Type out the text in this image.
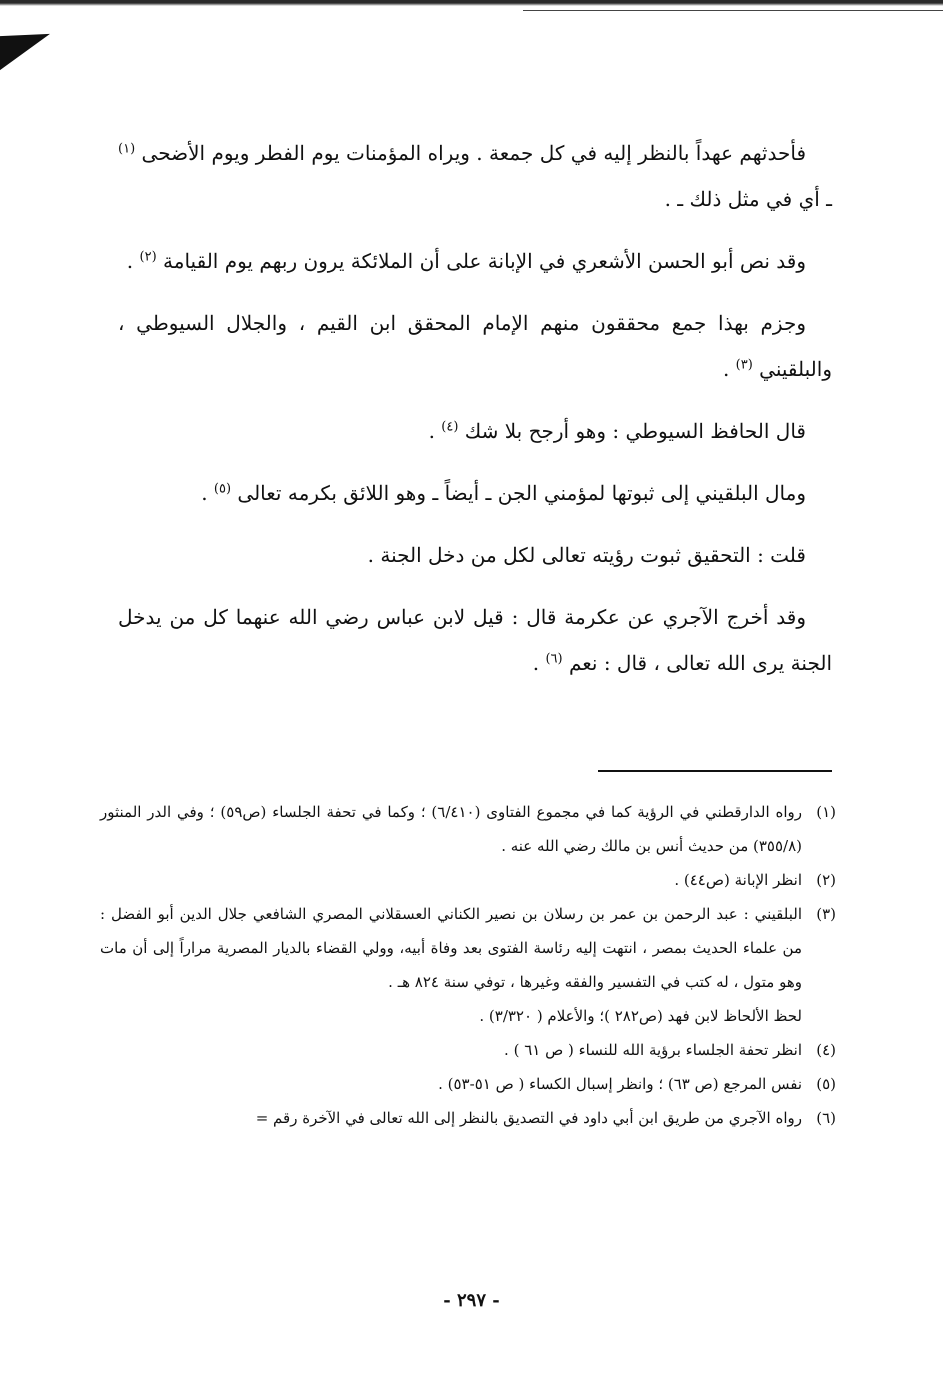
فأحدثهم عهداً بالنظر إليه في كل جمعة . ويراه المؤمنات يوم الفطر ويوم الأضحى $^{(١)}$ ـ أي في مثل ذلك ـ .

وقد نص أبو الحسن الأشعري في الإبانة على أن الملائكة يرون ربهم يوم القيامة $^{(٢)}$ .

وجزم بهذا جمع محققون منهم الإمام المحقق ابن القيم ، والجلال السيوطي ، والبلقيني $^{(٣)}$ .

قال الحافظ السيوطي : وهو أرجح بلا شك $^{(٤)}$ .

ومال البلقيني إلى ثبوتها لمؤمني الجن ـ أيضاً ـ وهو اللائق بكرمه تعالى $^{(٥)}$ .

قلت : التحقيق ثبوت رؤيته تعالى لكل من دخل الجنة .

وقد أخرج الآجري عن عكرمة قال : قيل لابن عباس رضي الله عنهما كل من يدخل الجنة يرى الله تعالى ، قال : نعم $^{(٦)}$ .

(١)
رواه الدارقطني في الرؤية كما في مجموع الفتاوى (٦/٤١٠) ؛ وكما في تحفة الجلساء (ص٥٩) ؛ وفي الدر المنثور (٣٥٥/٨) من حديث أنس بن مالك رضي الله عنه .
(٢)
انظر الإبانة (ص٤٤) .
(٣)
البلقيني : عبد الرحمن بن عمر بن رسلان بن نصير الكناني العسقلاني المصري الشافعي جلال الدين أبو الفضل : من علماء الحديث بمصر ، انتهت إليه رئاسة الفتوى بعد وفاة أبيه، وولي القضاء بالديار المصرية مراراً إلى أن مات وهو متول ، له كتب في التفسير والفقه وغيرها ، توفي سنة ٨٢٤ هـ .
لحظ الألحاظ لابن فهد (ص٢٨٢ )؛ والأعلام ( ٣/٣٢٠) .
(٤)
انظر تحفة الجلساء برؤية الله للنساء ( ص ٦١ ) .
(٥)
نفس المرجع (ص ٦٣) ؛ وانظر إسبال الكساء ( ص ٥١-٥٣) .
(٦)
رواه الآجري من طريق ابن أبي داود في التصديق بالنظر إلى الله تعالى في الآخرة رقم =
- ٢٩٧ -
